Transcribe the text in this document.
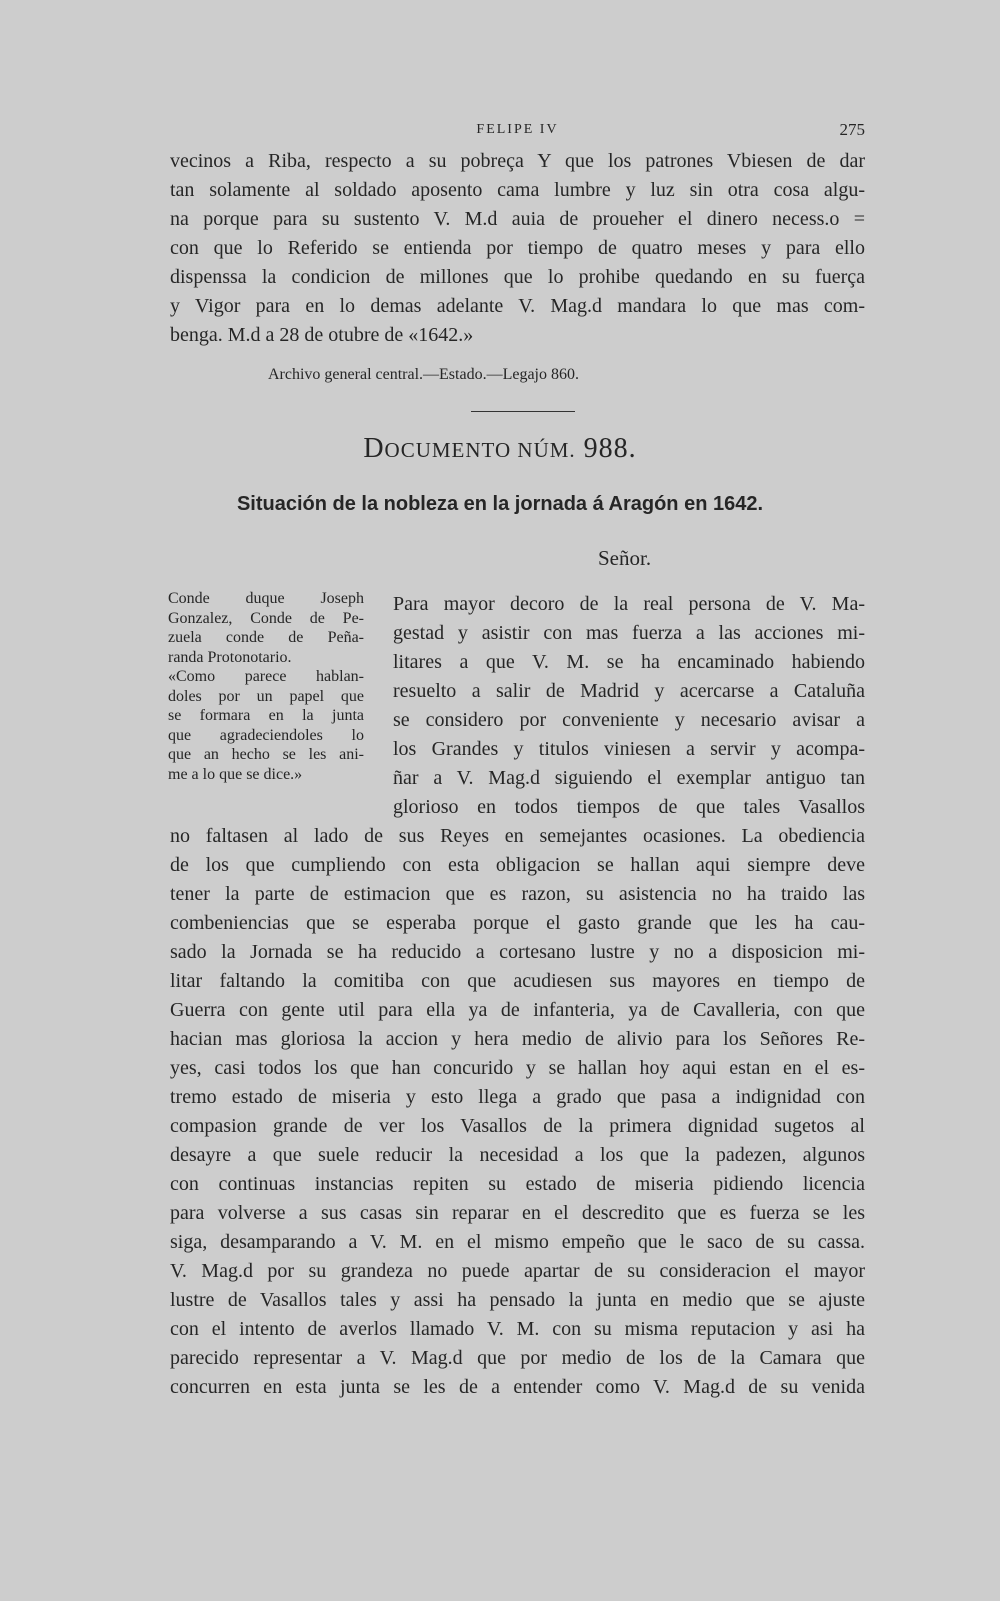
FELIPE IV	275
vecinos a Riba, respecto a su pobreça Y que los patrones Vbiesen de dar
tan solamente al soldado aposento cama lumbre y luz sin otra cosa algu-
na porque para su sustento V. M.d auia de proueher el dinero necess.o =
con que lo Referido se entienda por tiempo de quatro meses y para ello
dispenssa la condicion de millones que lo prohibe quedando en su fuerça
y Vigor para en lo demas adelante V. Mag.d mandara lo que mas com-
benga. M.d a 28 de otubre de «1642.»
Archivo general central.—Estado.—Legajo 860.
DOCUMENTO NÚM. 988.
Situación de la nobleza en la jornada á Aragón en 1642.
Señor.
Conde duque Joseph
Gonzalez, Conde de Pe-
zuela conde de Peña-
randa Protonotario.
«Como parece hablan-
doles por un papel que
se formara en la junta
que agradeciendoles lo
que an hecho se les ani-
me a lo que se dice.»
Para mayor decoro de la real persona de V. Ma-
gestad y asistir con mas fuerza a las acciones mi-
litares a que V. M. se ha encaminado habiendo
resuelto a salir de Madrid y acercarse a Cataluña
se considero por conveniente y necesario avisar a
los Grandes y titulos viniesen a servir y acompa-
ñar a V. Mag.d siguiendo el exemplar antiguo tan
glorioso en todos tiempos de que tales Vasallos
no faltasen al lado de sus Reyes en semejantes ocasiones. La obediencia
de los que cumpliendo con esta obligacion se hallan aqui siempre deve
tener la parte de estimacion que es razon, su asistencia no ha traido las
combeniencias que se esperaba porque el gasto grande que les ha cau-
sado la Jornada se ha reducido a cortesano lustre y no a disposicion mi-
litar faltando la comitiba con que acudiesen sus mayores en tiempo de
Guerra con gente util para ella ya de infanteria, ya de Cavalleria, con que
hacian mas gloriosa la accion y hera medio de alivio para los Señores Re-
yes, casi todos los que han concurido y se hallan hoy aqui estan en el es-
tremo estado de miseria y esto llega a grado que pasa a indignidad con
compasion grande de ver los Vasallos de la primera dignidad sugetos al
desayre a que suele reducir la necesidad a los que la padezen, algunos
con continuas instancias repiten su estado de miseria pidiendo licencia
para volverse a sus casas sin reparar en el descredito que es fuerza se les
siga, desamparando a V. M. en el mismo empeño que le saco de su cassa.
V. Mag.d por su grandeza no puede apartar de su consideracion el mayor
lustre de Vasallos tales y assi ha pensado la junta en medio que se ajuste
con el intento de averlos llamado V. M. con su misma reputacion y asi ha
parecido representar a V. Mag.d que por medio de los de la Camara que
concurren en esta junta se les de a entender como V. Mag.d de su venida
